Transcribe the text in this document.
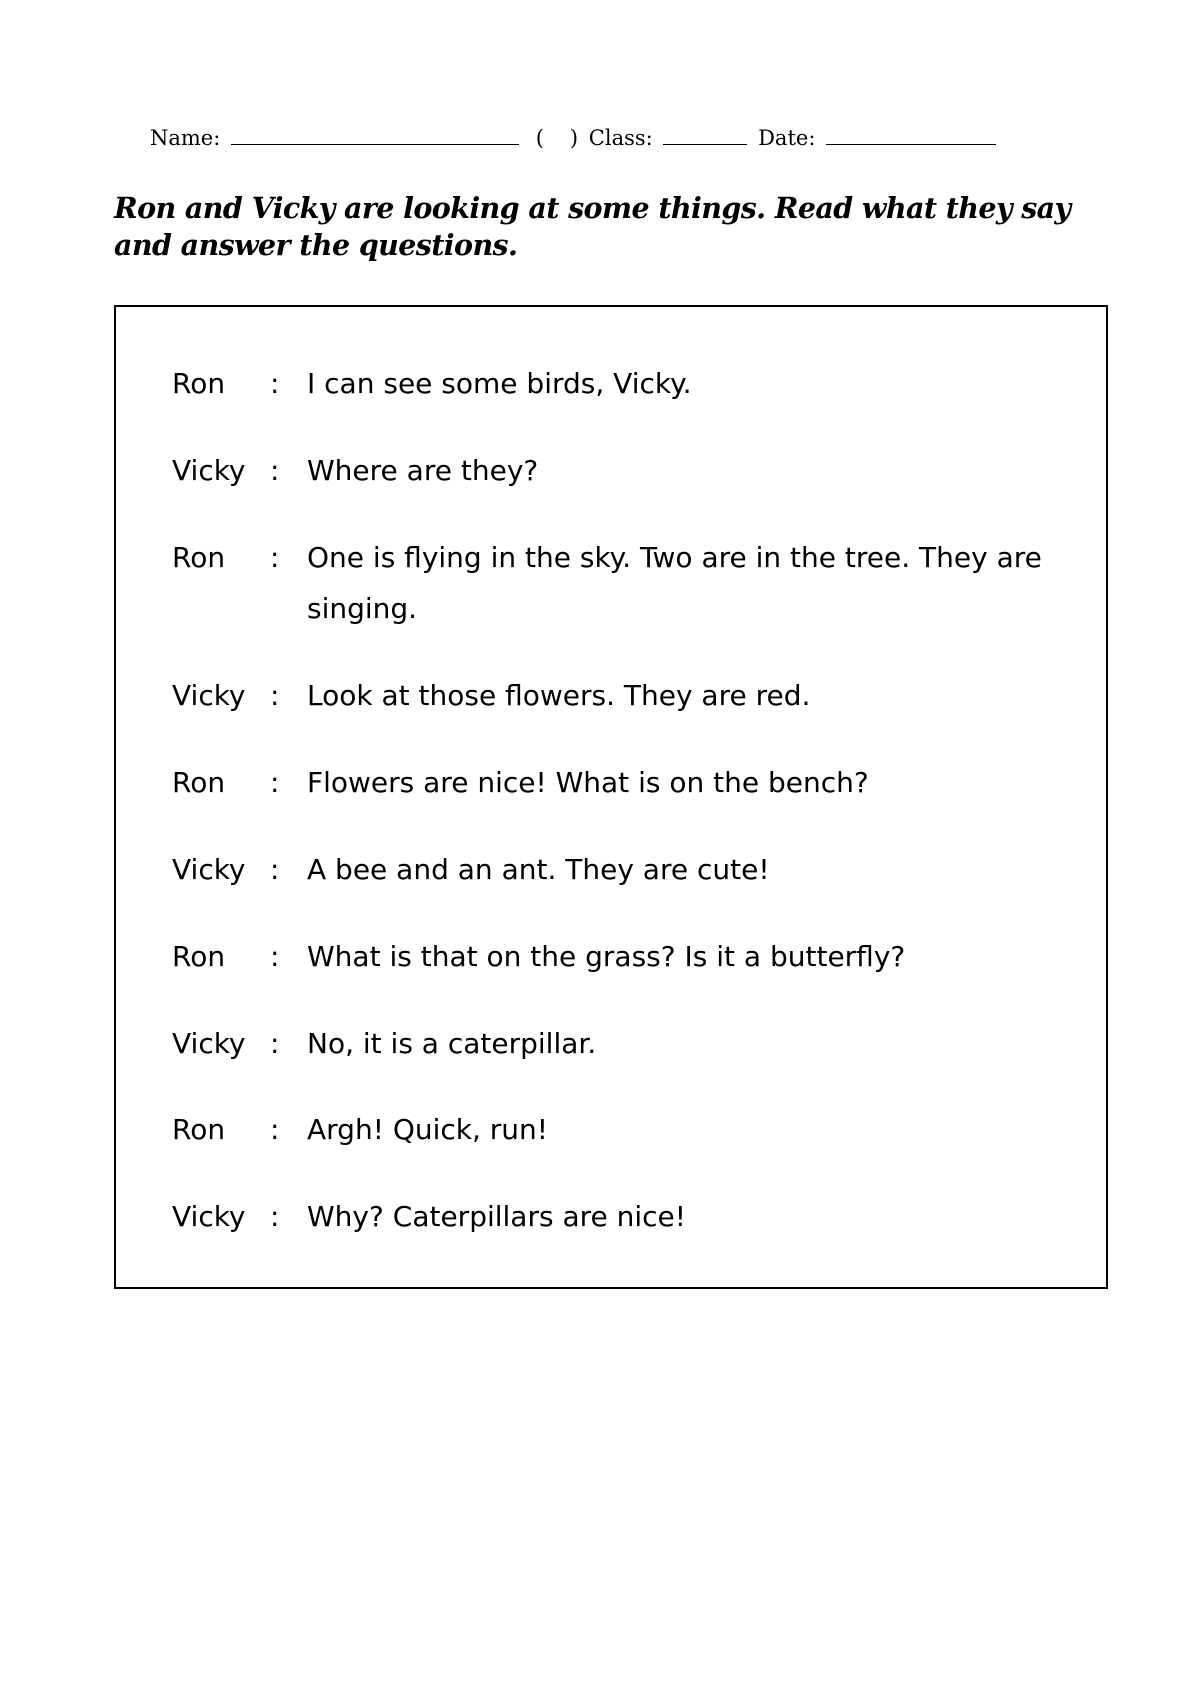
Name:	( ) Class:	Date:
Ron and Vicky are looking at some things. Read what they say and answer the questions.
Ron : I can see some birds, Vicky.
Vicky : Where are they?
Ron : One is flying in the sky. Two are in the tree. They are singing.
Vicky : Look at those flowers. They are red.
Ron : Flowers are nice! What is on the bench?
Vicky : A bee and an ant. They are cute!
Ron : What is that on the grass? Is it a butterfly?
Vicky : No, it is a caterpillar.
Ron : Argh! Quick, run!
Vicky : Why? Caterpillars are nice!
